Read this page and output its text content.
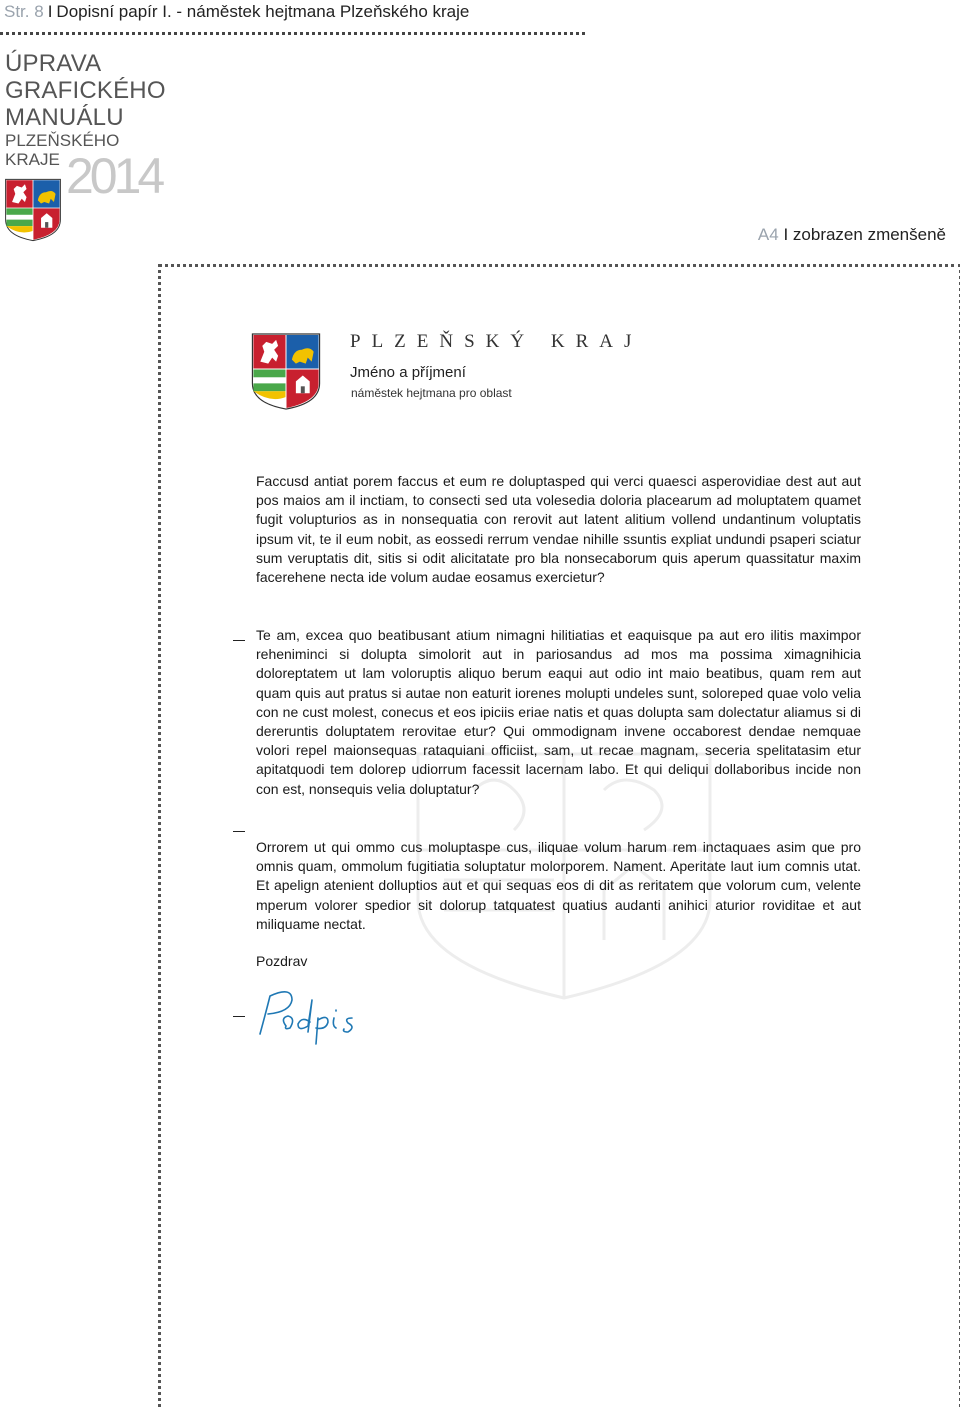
Str. 8 I Dopisní papír I. - náměstek hejtmana Plzeňského kraje
ÚPRAVA
GRAFICKÉHO
MANUÁLU
PLZEŇSKÉHO
KRAJE 2014
A4 I zobrazen zmenšeně
PLZEŇSKÝ KRAJ
Jméno a příjmení
náměstek hejtmana pro oblast

Faccusd antiat porem faccus et eum re doluptasped qui verci quaesci asperovidiae dest aut aut pos maios am il inctiam, to consecti sed uta volesedia doloria placearum ad moluptatem quamet fugit volupturios as in nonsequatia con rerovit aut latent alitium vollend undantinum voluptatis ipsum vit, te il eum nobit, as eossedi rerrum vendae nihille ssuntis expliat undundi psaperi sciatur sum veruptatis dit, sitis si odit alicitatate pro bla nonsecaborum quis aperum quassitatur maxim facerehene necta ide volum audae eosamus exercietur?

Te am, excea quo beatibusant atium nimagni hilitiatias et eaquisque pa aut ero ilitis maximpor reheniminci si dolupta simolorit aut in pariosandus ad mos ma possima ximagnihicia doloreptatem ut lam voloruptis aliquo berum eaqui aut odio int maio beatibus, quam rem aut quam quis aut pratus si autae non eaturit iorenes molupti undeles sunt, soloreped quae volo velia con ne cust molest, conecus et eos ipiciis eriae natis et quas dolupta sam dolectatur aliamus si di dereruntis doluptatem rerovitae etur? Qui ommodignam invene occaborest dendae nemquae volori repel maionsequas rataquiani officiist, sam, ut recae magnam, seceria spelitatasim etur apitatquodi tem dolorep udiorrum facessit lacernam labo. Et qui deliqui dollaboribus incide non con est, nonsequis velia doluptatur?

Orrorem ut qui ommo cus moluptaspe cus, iliquae volum harum rem inctaquaes asim que pro omnis quam, ommolum fugitiatia soluptatur molorporem. Nament. Aperitate laut ium comnis utat. Et apelign atenient dolluptios aut et qui sequas eos di dit as reritatem que volorum cum, velente mperum volorer spedior sit dolorup tatquatest quatius audanti anihici aturior roviditae et aut miliquame nectat.

Pozdrav
